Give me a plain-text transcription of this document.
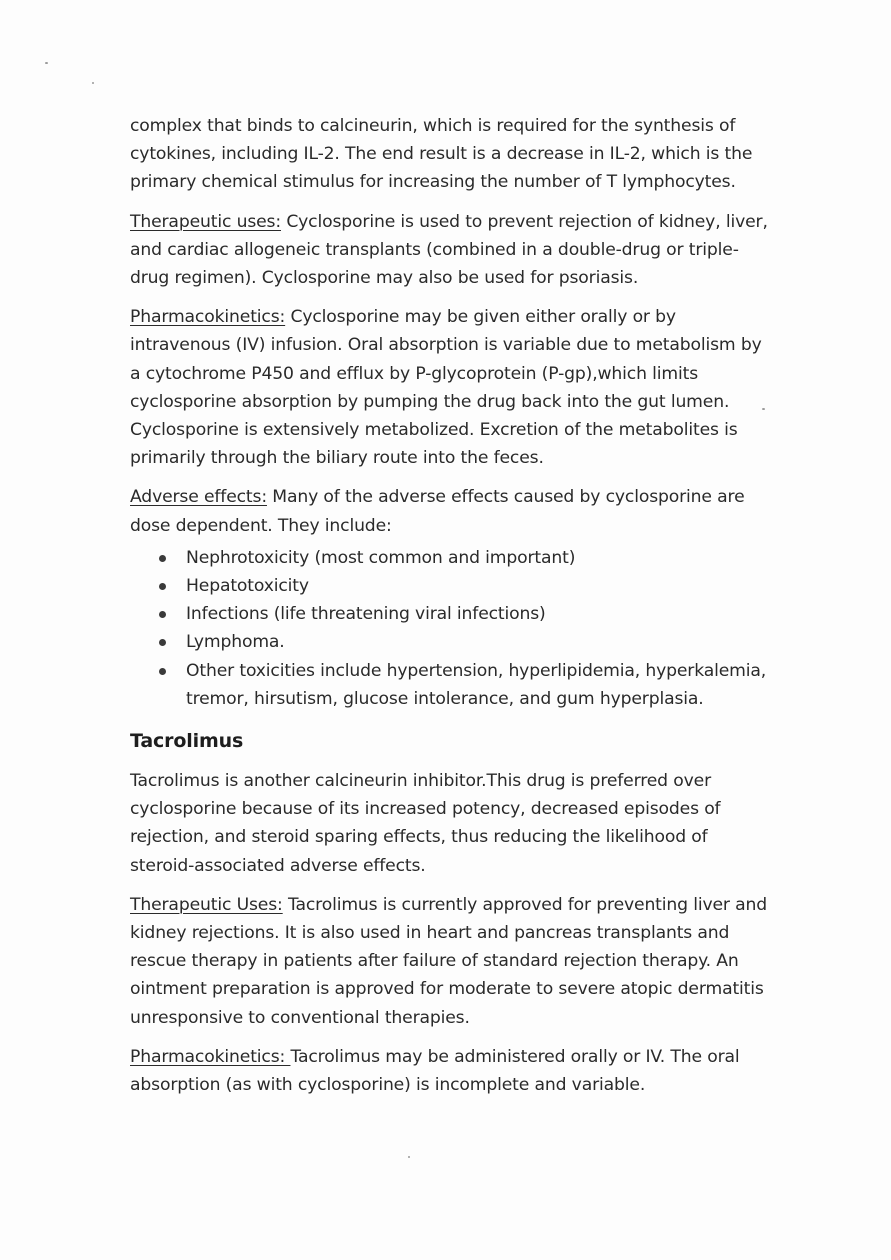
complex that binds to calcineurin, which is required for the synthesis of cytokines, including IL-2. The end result is a decrease in IL-2, which is the primary chemical stimulus for increasing the number of T lymphocytes.

Therapeutic uses: Cyclosporine is used to prevent rejection of kidney, liver, and cardiac allogeneic transplants (combined in a double-drug or triple-drug regimen). Cyclosporine may also be used for psoriasis.

Pharmacokinetics: Cyclosporine may be given either orally or by intravenous (IV) infusion. Oral absorption is variable due to metabolism by a cytochrome P450 and efflux by P-glycoprotein (P-gp),which limits cyclosporine absorption by pumping the drug back into the gut lumen. Cyclosporine is extensively metabolized. Excretion of the metabolites is primarily through the biliary route into the feces.

Adverse effects: Many of the adverse effects caused by cyclosporine are dose dependent. They include:

Nephrotoxicity (most common and important)
Hepatotoxicity
Infections (life threatening viral infections)
Lymphoma.
Other toxicities include hypertension, hyperlipidemia, hyperkalemia, tremor, hirsutism, glucose intolerance, and gum hyperplasia.
Tacrolimus

Tacrolimus is another calcineurin inhibitor.This drug is preferred over cyclosporine because of its increased potency, decreased episodes of rejection, and steroid sparing effects, thus reducing the likelihood of steroid-associated adverse effects.

Therapeutic Uses: Tacrolimus is currently approved for preventing liver and kidney rejections. It is also used in heart and pancreas transplants and rescue therapy in patients after failure of standard rejection therapy. An ointment preparation is approved for moderate to severe atopic dermatitis unresponsive to conventional therapies.

Pharmacokinetics: Tacrolimus may be administered orally or IV. The oral absorption (as with cyclosporine) is incomplete and variable.
